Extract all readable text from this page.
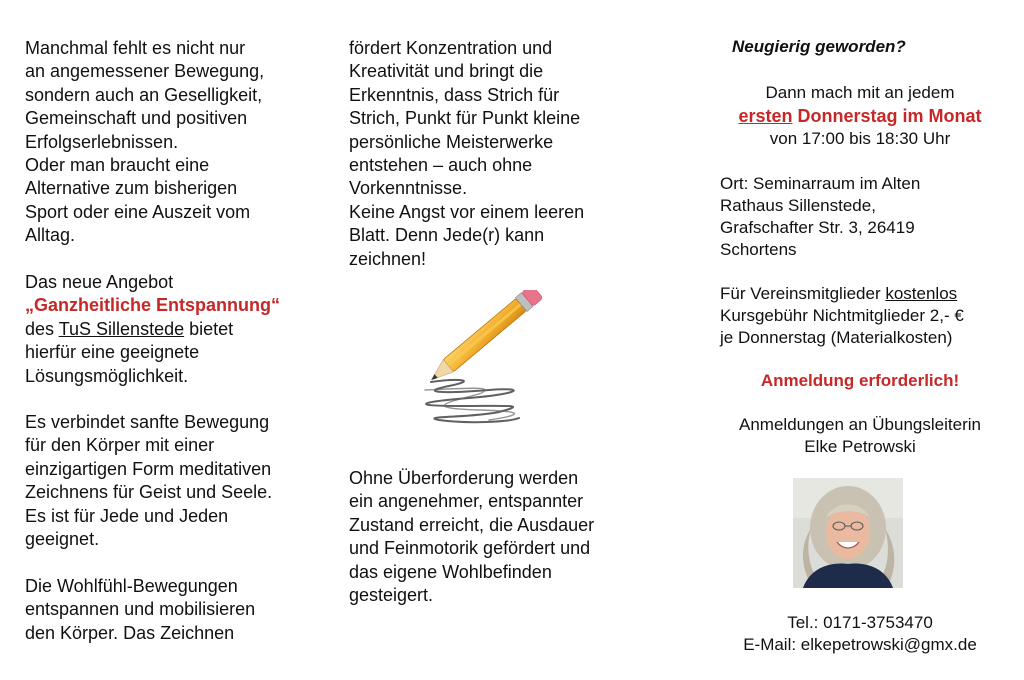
Manchmal fehlt es nicht nur
an angemessener Bewegung,
sondern auch an Geselligkeit,
Gemeinschaft und positiven
Erfolgserlebnissen.
Oder man braucht eine
Alternative zum bisherigen
Sport oder eine Auszeit vom
Alltag.
Das neue Angebot
„Ganzheitliche Entspannung“
des TuS Sillenstede bietet
hierfür eine geeignete
Lösungsmöglichkeit.
Es verbindet sanfte Bewegung
für den Körper mit einer
einzigartigen Form meditativen
Zeichnens für Geist und Seele.
Es ist für Jede und Jeden
geeignet.
Die Wohlfühl-Bewegungen
entspannen und mobilisieren
den Körper. Das Zeichnen
fördert Konzentration und
Kreativität und bringt die
Erkenntnis, dass Strich für
Strich, Punkt für Punkt kleine
persönliche Meisterwerke
entstehen – auch ohne
Vorkenntnisse.
Keine Angst vor einem leeren
Blatt. Denn Jede(r) kann
zeichnen!
Ohne Überforderung werden
ein angenehmer, entspannter
Zustand erreicht, die Ausdauer
und Feinmotorik gefördert und
das eigene Wohlbefinden
gesteigert.
Neugierig geworden?
Dann mach mit an jedem
ersten Donnerstag im Monat
von 17:00 bis 18:30 Uhr
Ort: Seminarraum im Alten
Rathaus Sillenstede,
Grafschafter Str. 3, 26419
Schortens
Für Vereinsmitglieder kostenlos
Kursgebühr Nichtmitglieder 2,- €
je Donnerstag (Materialkosten)
Anmeldung erforderlich!
Anmeldungen an Übungsleiterin
Elke Petrowski
Tel.: 0171-3753470
E-Mail: elkepetrowski@gmx.de
